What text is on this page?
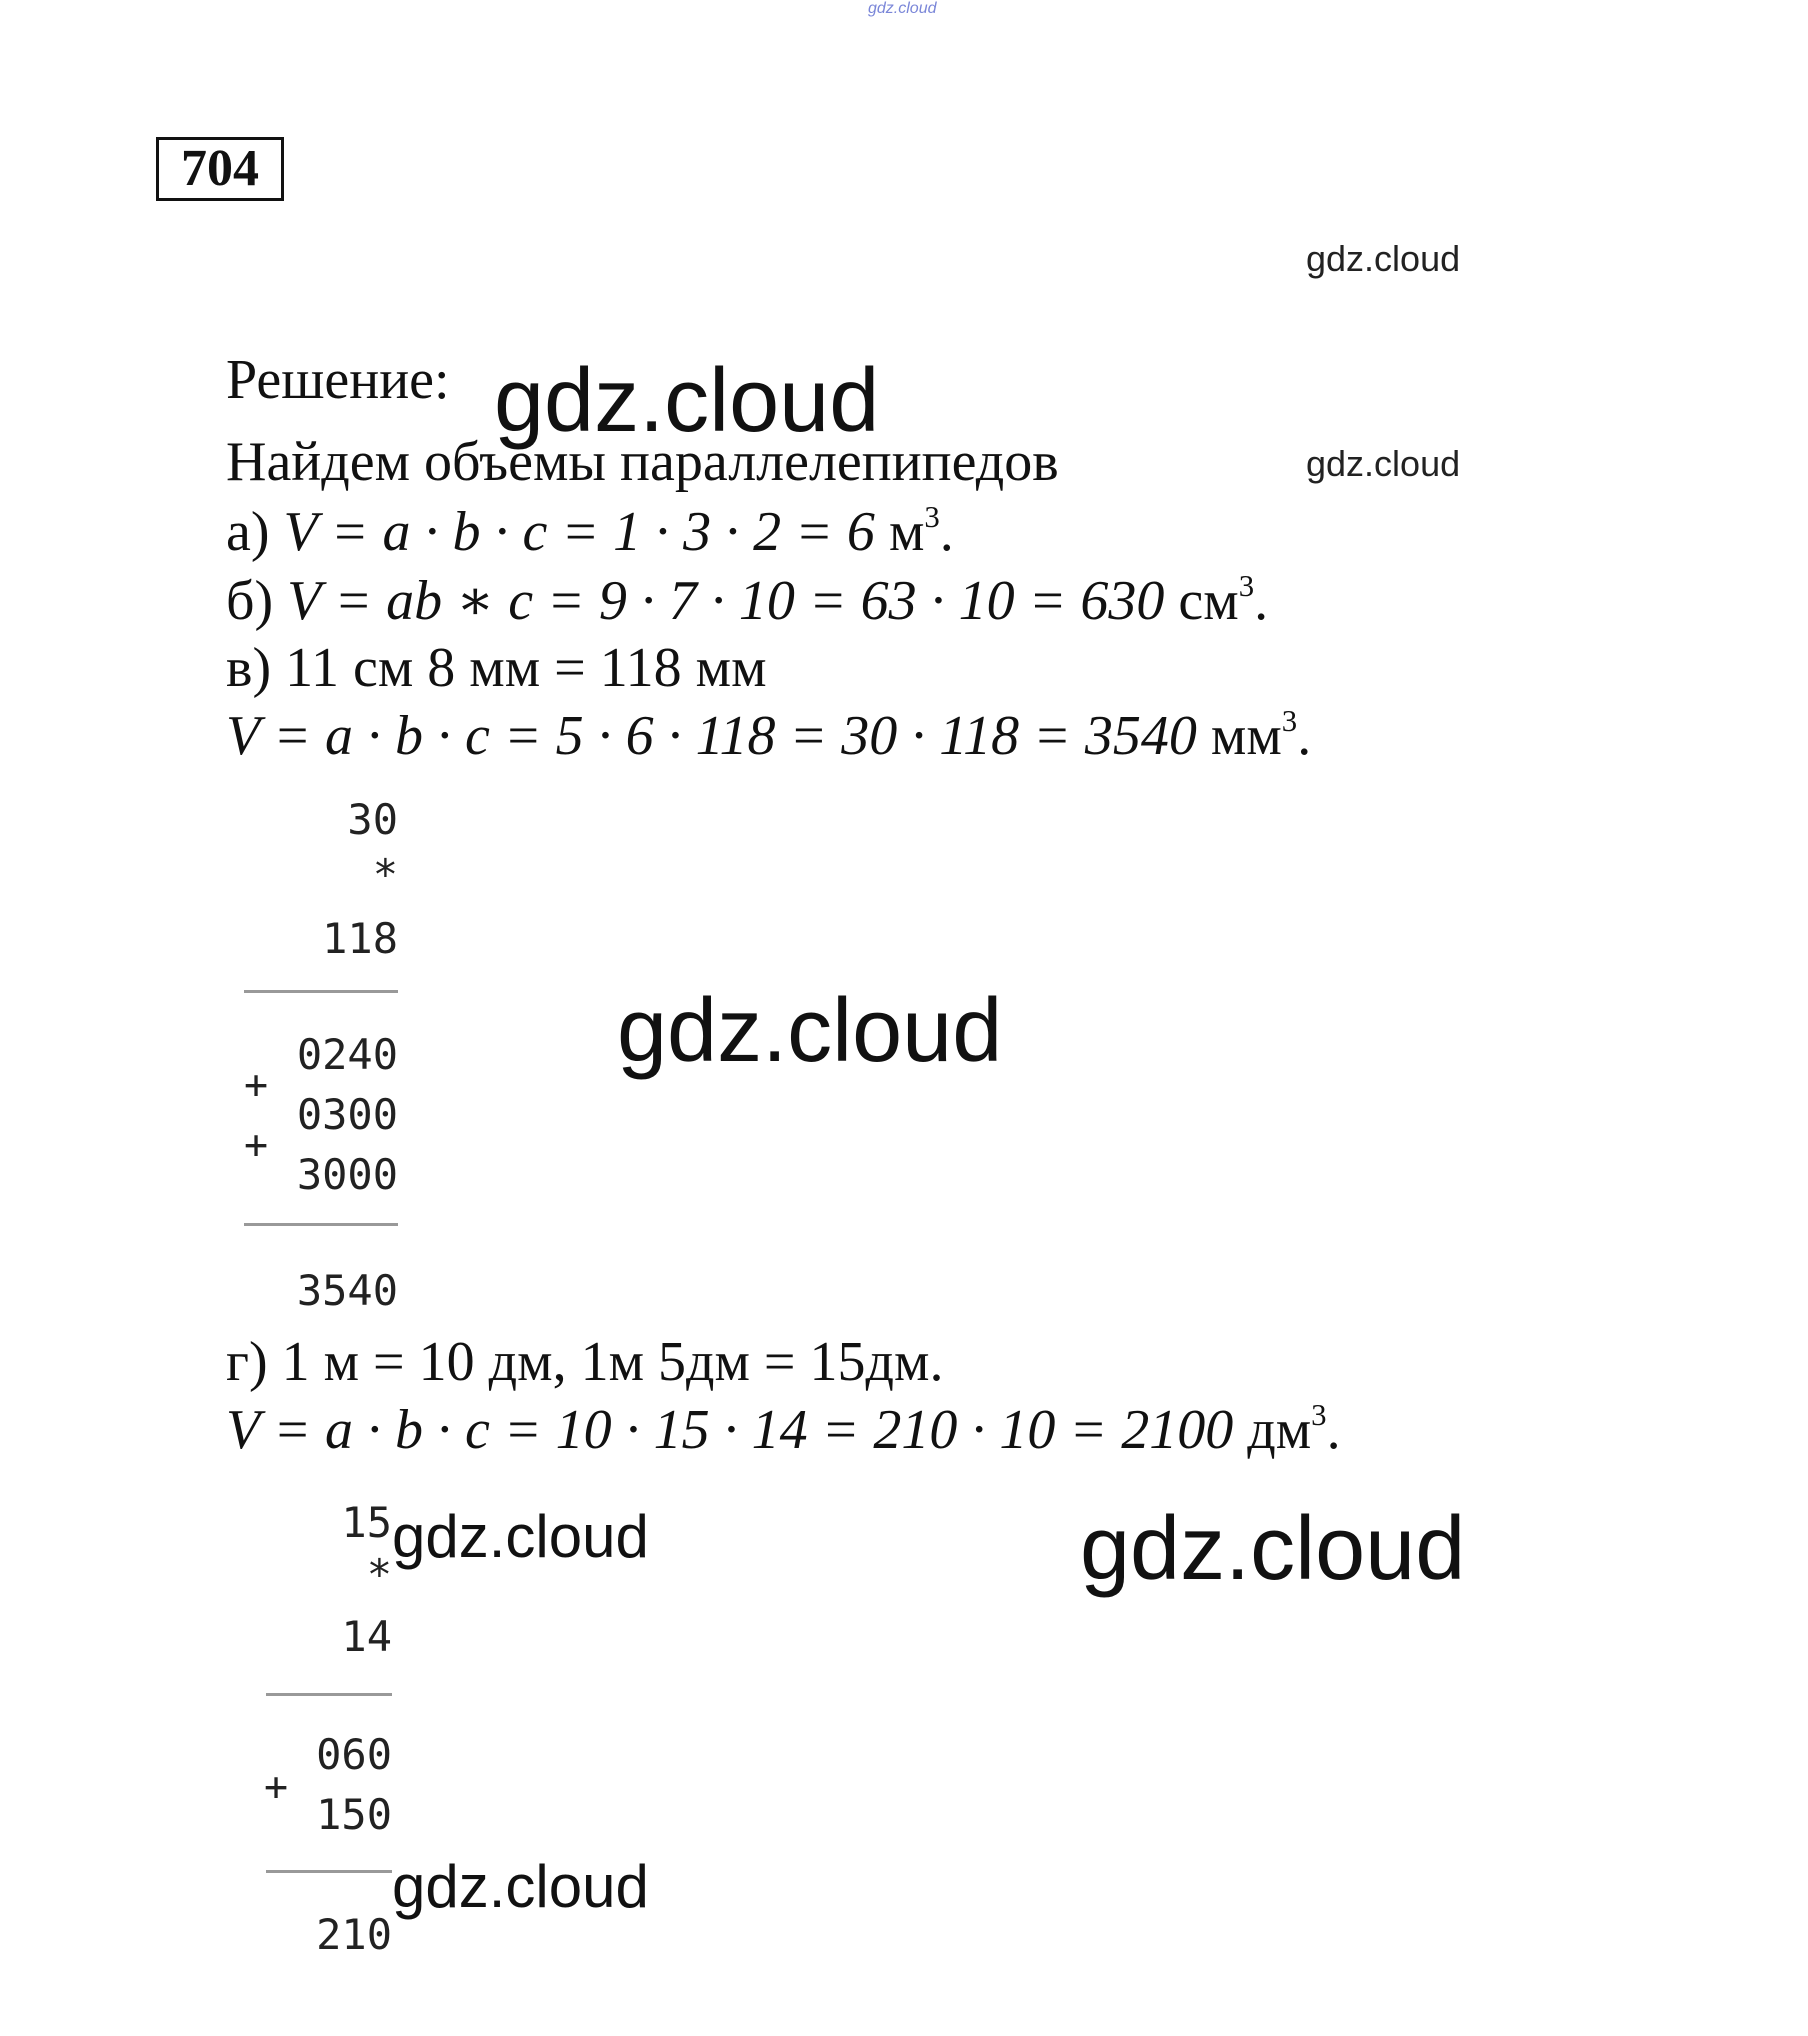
gdz.cloud
704
gdz.cloud
gdz.cloud
Решение: gdz.cloud
Найдем объемы параллелепипедов
а) V = a · b · c = 1 · 3 · 2 = 6 $м^3$.
б) V = ab ∗ c = 9 · 7 · 10 = 63 · 10 = 630 $см^3$.
в) 11 см 8 мм = 118 мм
V = a · b · c = 5 · 6 · 118 = 30 · 118 = 3540 $мм^3$.
30
*
118
0240
+
0300
+
3000
3540
gdz.cloud
г) 1 м = 10 дм, 1м 5дм = 15дм.
V = a · b · c = 10 · 15 · 14 = 210 · 10 = 2100 $дм^3$.
15
*
14
060
+
150
210
gdz.cloud	gdz.cloud
gdz.cloud
